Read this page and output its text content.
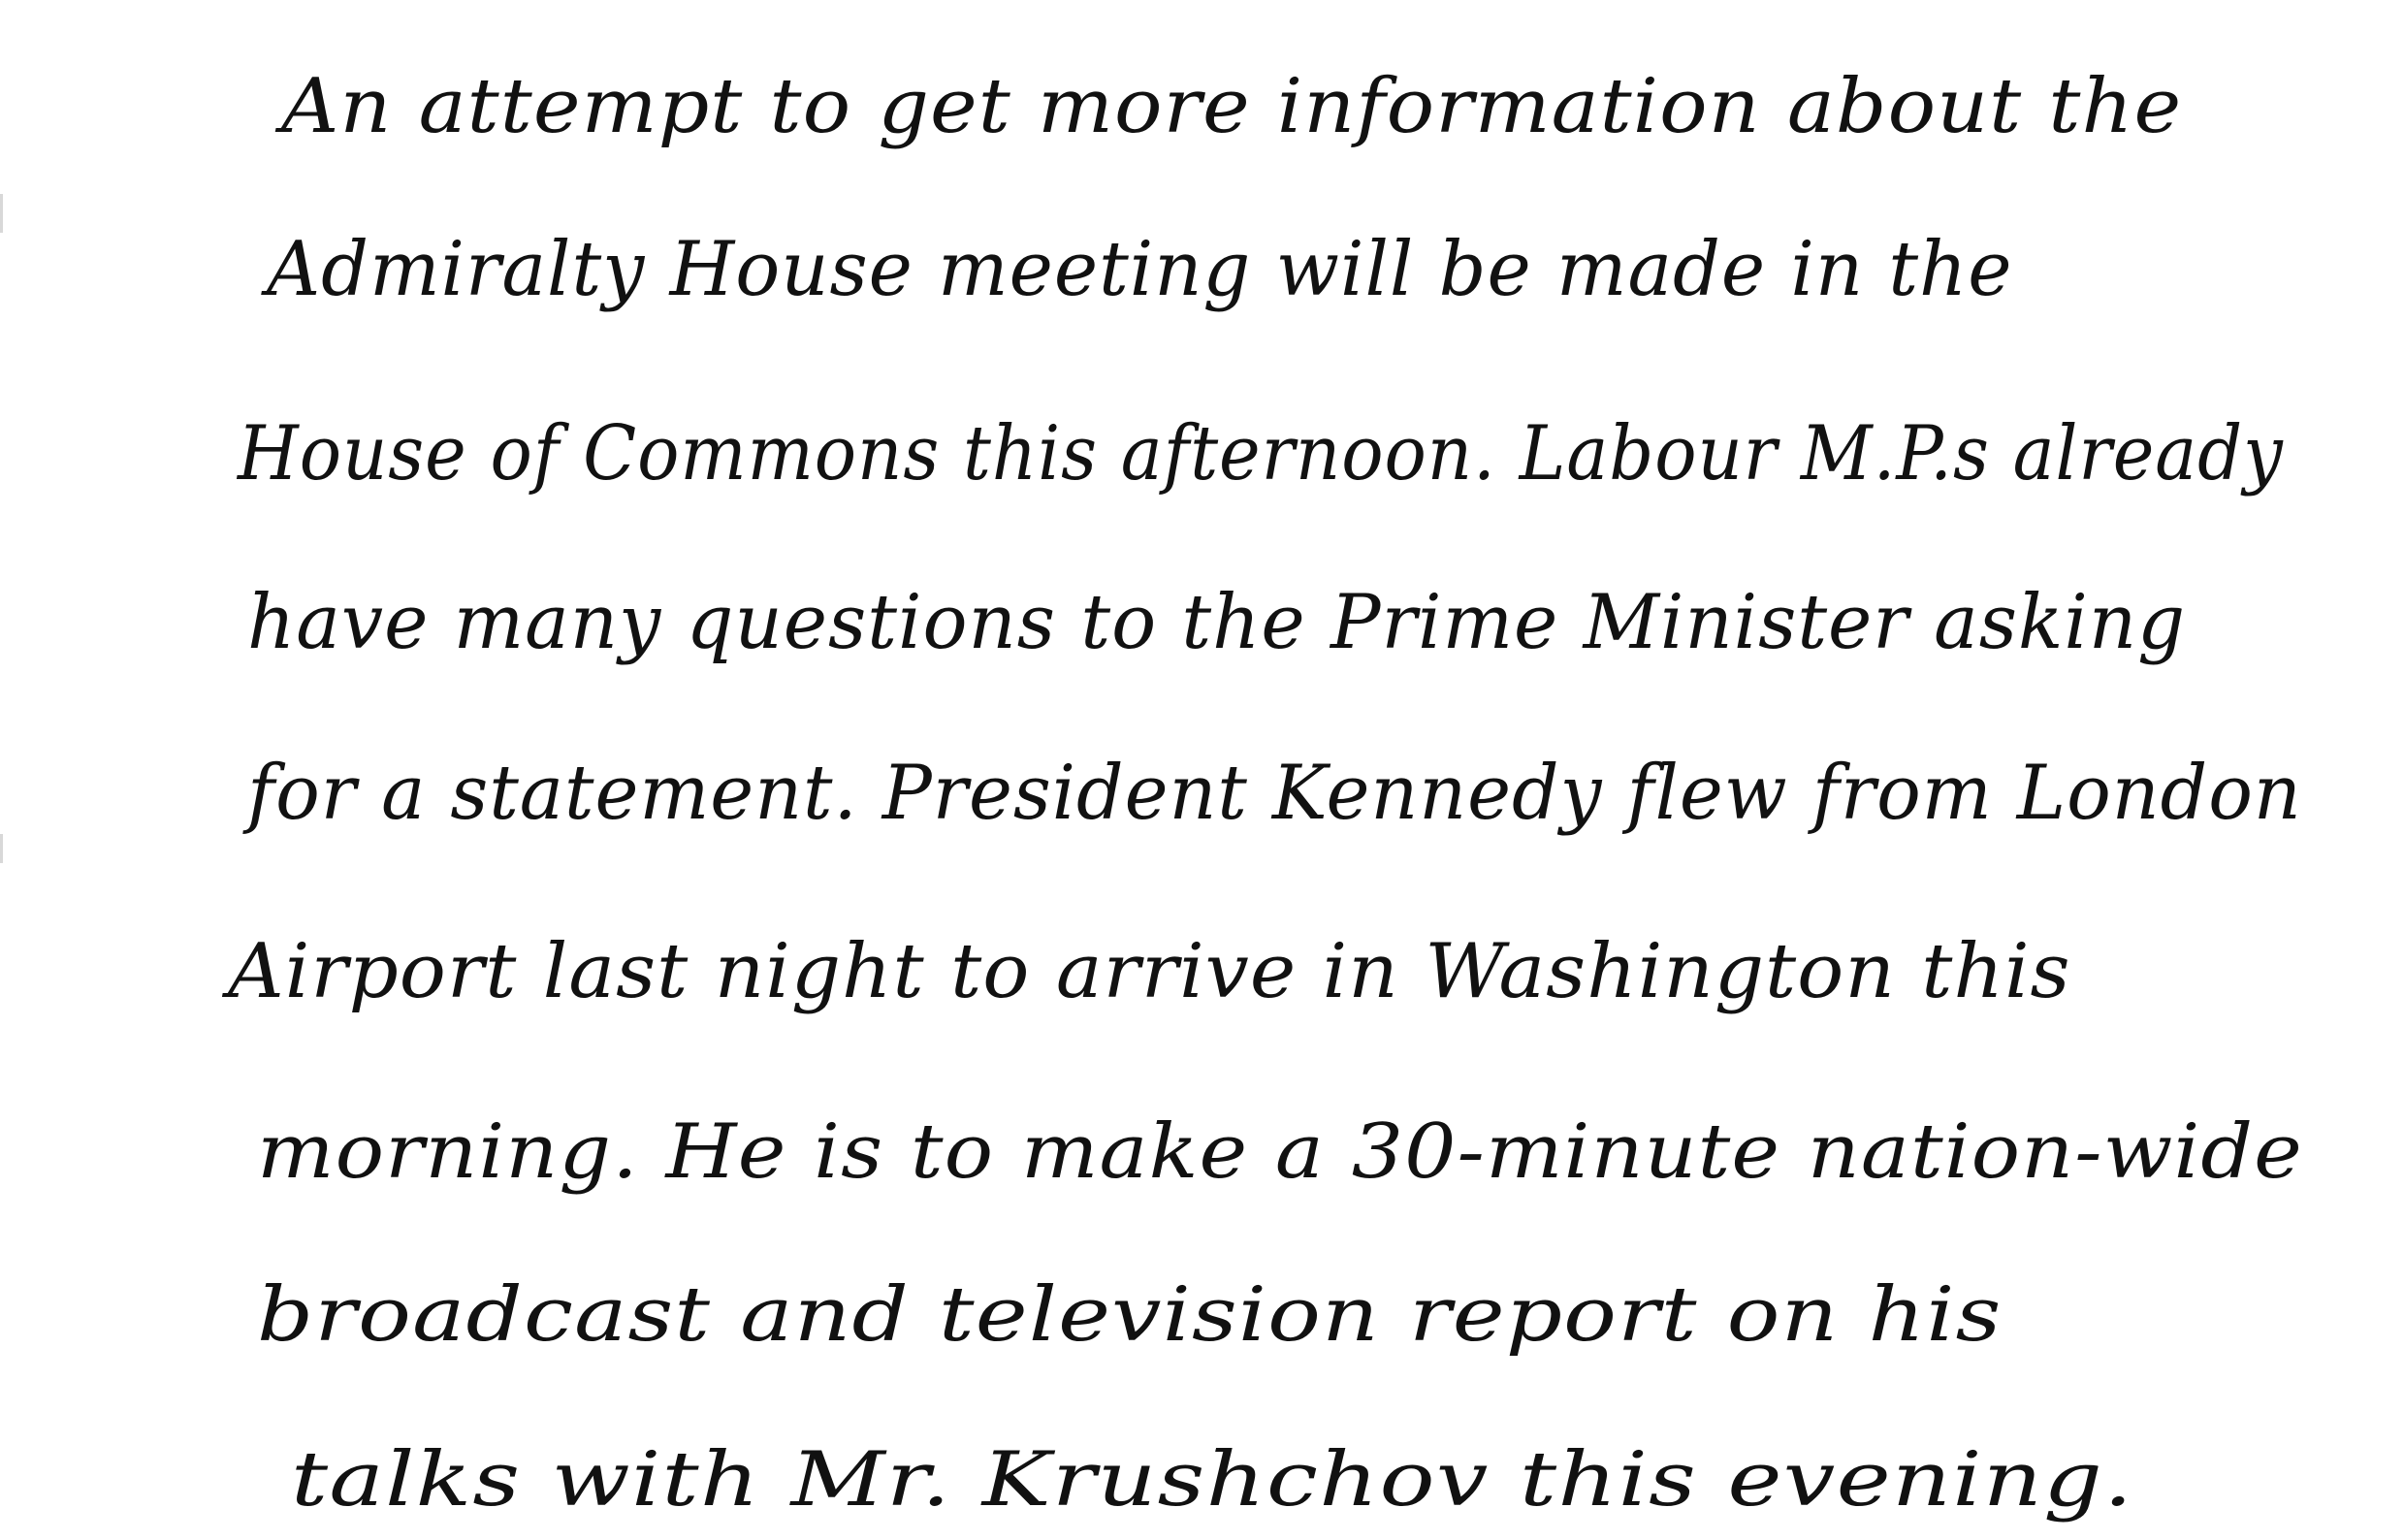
An attempt to get more information about the
Admiralty House meeting will be made in the
House of Commons this afternoon. Labour M.P.s already
have many questions to the Prime Minister asking
for a statement. President Kennedy flew from London
Airport last night to arrive in Washington this
morning. He is to make a 30-minute nation-wide
broadcast and television report on his
talks with Mr. Krushchov this evening.
